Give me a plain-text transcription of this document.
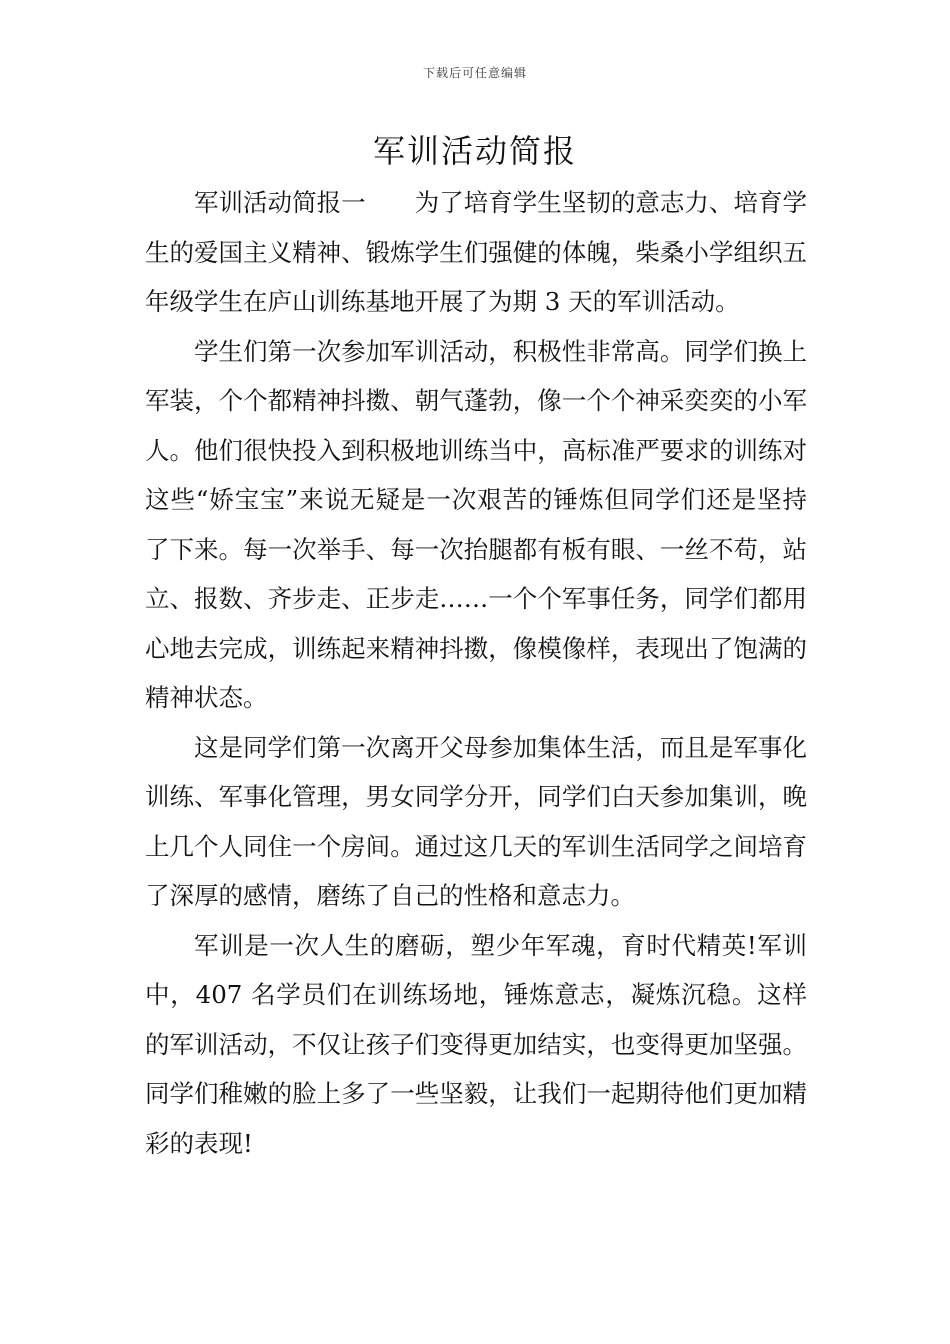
下载后可任意编辑
军训活动简报

军训活动简报一　　为了培育学生坚韧的意志力、培育学生的爱国主义精神、锻炼学生们强健的体魄，柴桑小学组织五年级学生在庐山训练基地开展了为期 3 天的军训活动。

学生们第一次参加军训活动，积极性非常高。同学们换上军装，个个都精神抖擞、朝气蓬勃，像一个个神采奕奕的小军人。他们很快投入到积极地训练当中，高标准严要求的训练对这些“娇宝宝”来说无疑是一次艰苦的锤炼但同学们还是坚持了下来。每一次举手、每一次抬腿都有板有眼、一丝不苟，站立、报数、齐步走、正步走……一个个军事任务，同学们都用心地去完成，训练起来精神抖擞，像模像样，表现出了饱满的精神状态。

这是同学们第一次离开父母参加集体生活，而且是军事化训练、军事化管理，男女同学分开，同学们白天参加集训，晚上几个人同住一个房间。通过这几天的军训生活同学之间培育了深厚的感情，磨练了自己的性格和意志力。

军训是一次人生的磨砺，塑少年军魂，育时代精英!军训中，407 名学员们在训练场地，锤炼意志，凝炼沉稳。这样的军训活动，不仅让孩子们变得更加结实，也变得更加坚强。同学们稚嫩的脸上多了一些坚毅，让我们一起期待他们更加精彩的表现!
